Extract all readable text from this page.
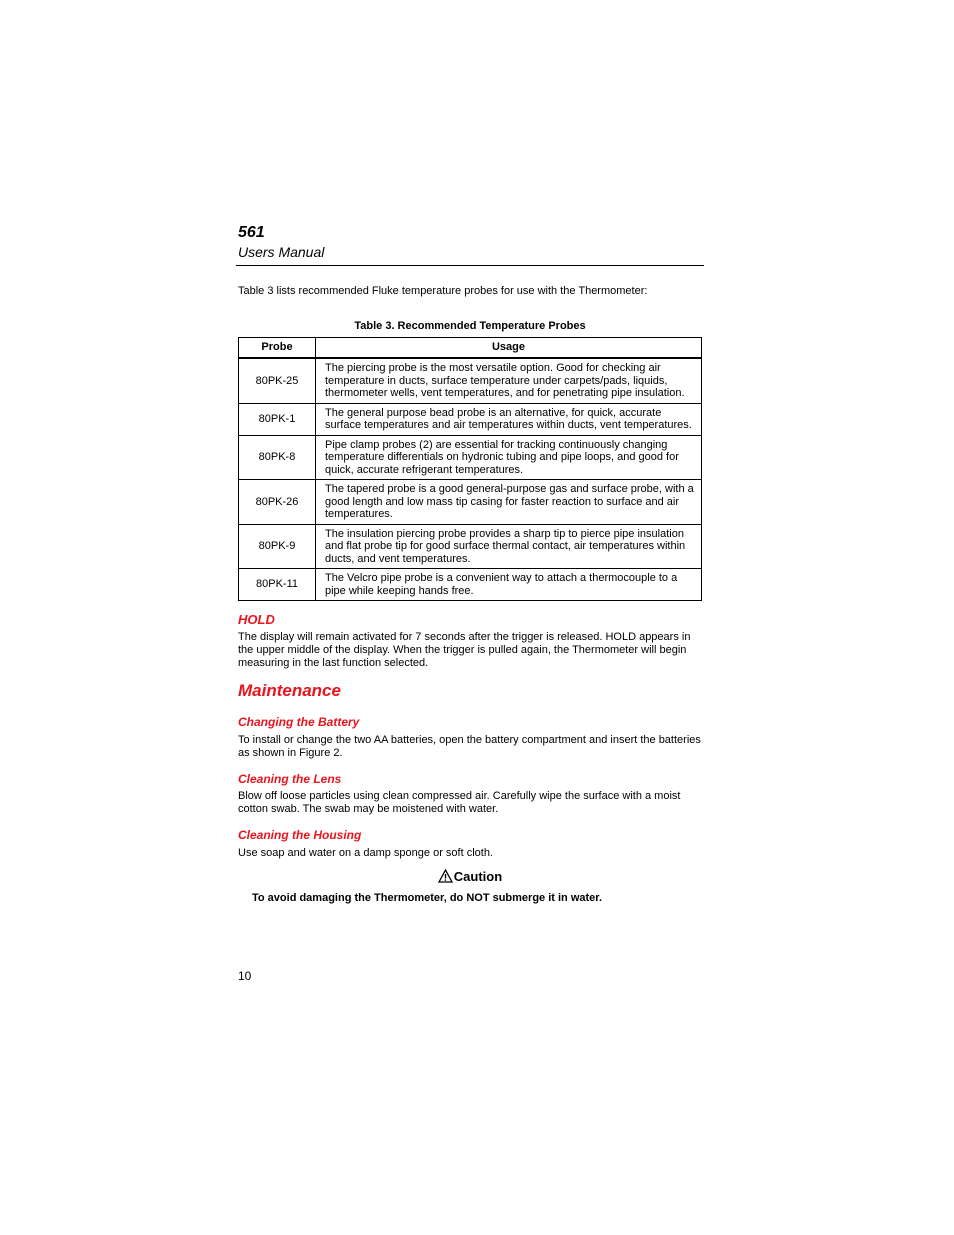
561
Users Manual
Table 3 lists recommended Fluke temperature probes for use with the Thermometer:
Table 3. Recommended Temperature Probes
Probe	Usage
80PK-25	The piercing probe is the most versatile option. Good for checking air temperature in ducts, surface temperature under carpets/pads, liquids, thermometer wells, vent temperatures, and for penetrating pipe insulation.
80PK-1	The general purpose bead probe is an alternative, for quick, accurate surface temperatures and air temperatures within ducts, vent temperatures.
80PK-8	Pipe clamp probes (2) are essential for tracking continuously changing temperature differentials on hydronic tubing and pipe loops, and good for quick, accurate refrigerant temperatures.
80PK-26	The tapered probe is a good general-purpose gas and surface probe, with a good length and low mass tip casing for faster reaction to surface and air temperatures.
80PK-9	The insulation piercing probe provides a sharp tip to pierce pipe insulation and flat probe tip for good surface thermal contact, air temperatures within ducts, and vent temperatures.
80PK-11	The Velcro pipe probe is a convenient way to attach a thermocouple to a pipe while keeping hands free.
HOLD
The display will remain activated for 7 seconds after the trigger is released. HOLD appears in the upper middle of the display. When the trigger is pulled again, the Thermometer will begin measuring in the last function selected.
Maintenance
Changing the Battery
To install or change the two AA batteries, open the battery compartment and insert the batteries as shown in Figure 2.
Cleaning the Lens
Blow off loose particles using clean compressed air. Carefully wipe the surface with a moist cotton swab. The swab may be moistened with water.
Cleaning the Housing
Use soap and water on a damp sponge or soft cloth.
Caution
To avoid damaging the Thermometer, do NOT submerge it in water.
10
